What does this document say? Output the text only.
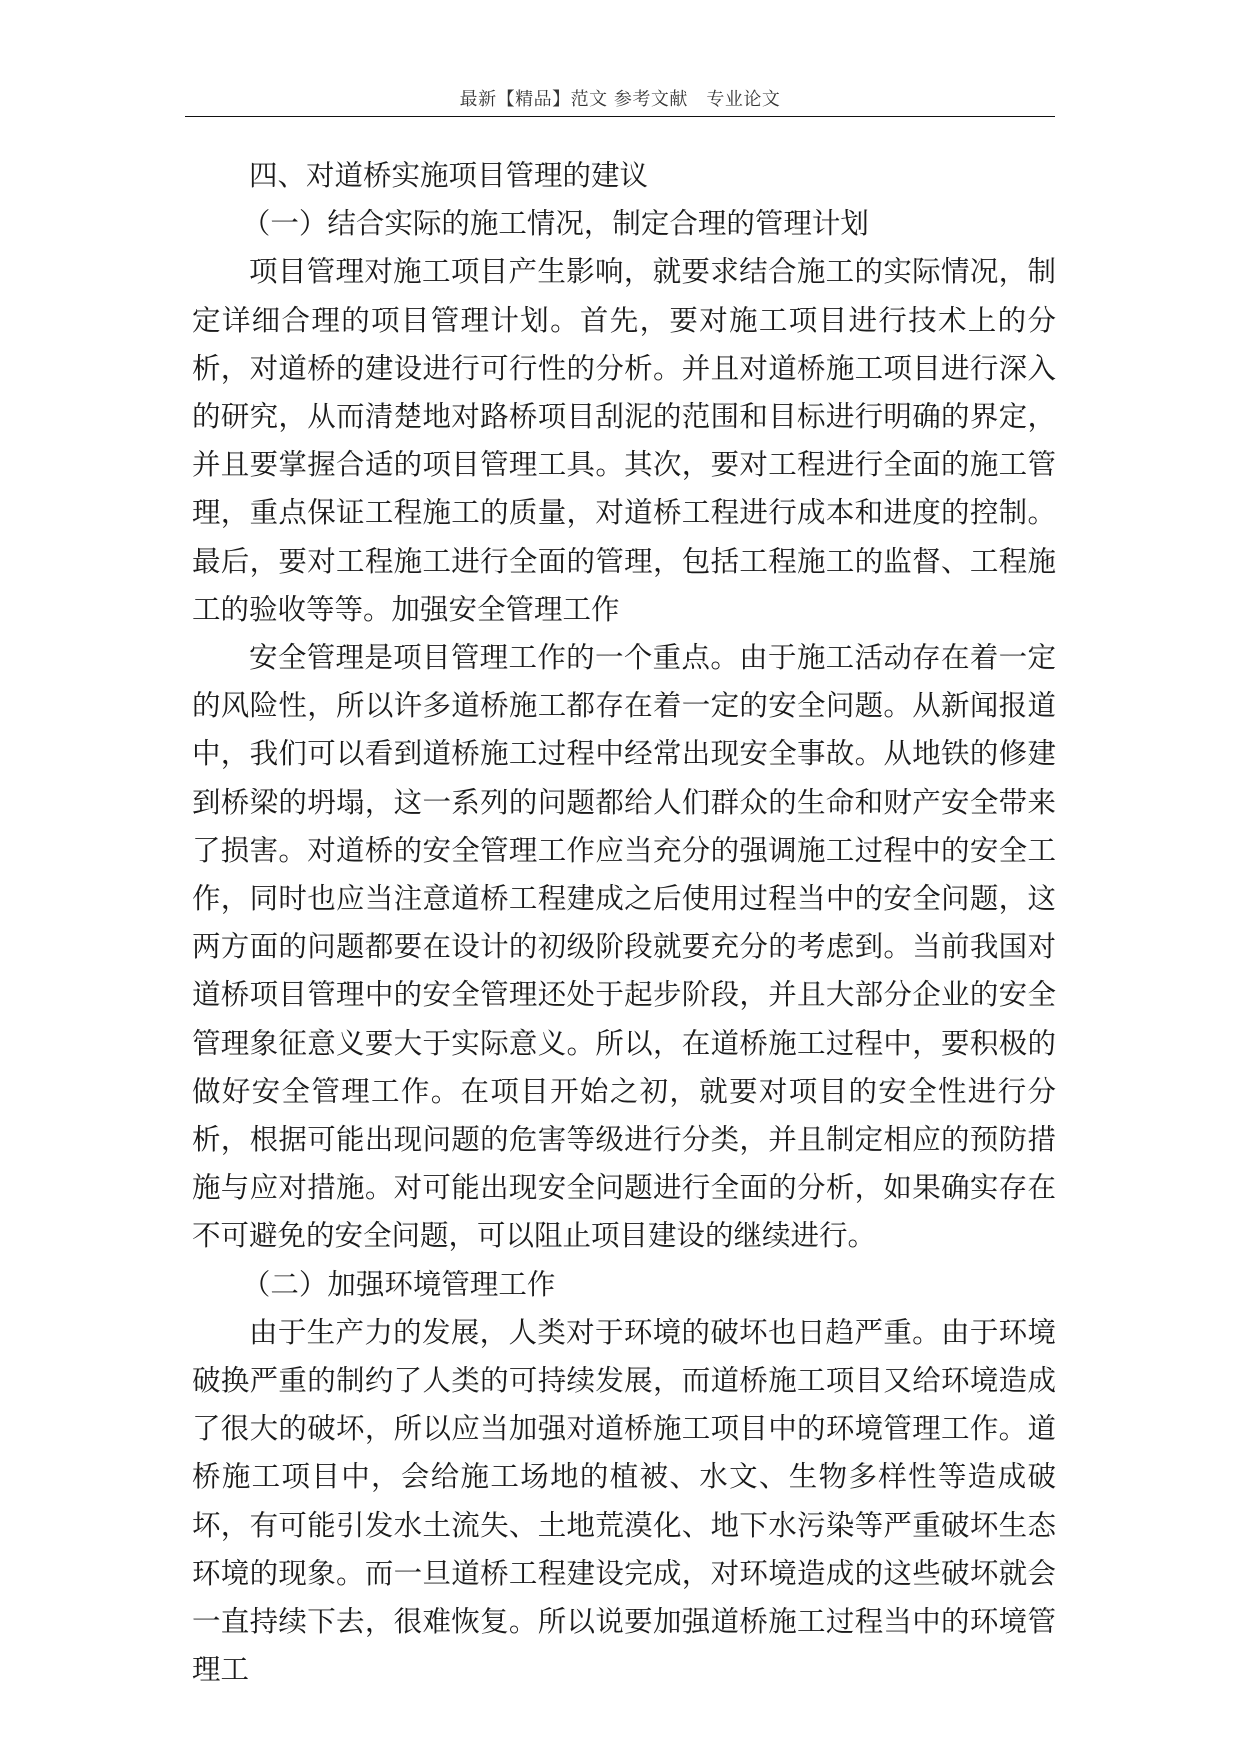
最新【精品】范文 参考文献　专业论文

四、对道桥实施项目管理的建议

（一）结合实际的施工情况，制定合理的管理计划

项目管理对施工项目产生影响，就要求结合施工的实际情况，制定详细合理的项目管理计划。首先，要对施工项目进行技术上的分析，对道桥的建设进行可行性的分析。并且对道桥施工项目进行深入的研究，从而清楚地对路桥项目刮泥的范围和目标进行明确的界定，并且要掌握合适的项目管理工具。其次，要对工程进行全面的施工管理，重点保证工程施工的质量，对道桥工程进行成本和进度的控制。最后，要对工程施工进行全面的管理，包括工程施工的监督、工程施工的验收等等。加强安全管理工作

安全管理是项目管理工作的一个重点。由于施工活动存在着一定的风险性，所以许多道桥施工都存在着一定的安全问题。从新闻报道中，我们可以看到道桥施工过程中经常出现安全事故。从地铁的修建到桥梁的坍塌，这一系列的问题都给人们群众的生命和财产安全带来了损害。对道桥的安全管理工作应当充分的强调施工过程中的安全工作，同时也应当注意道桥工程建成之后使用过程当中的安全问题，这两方面的问题都要在设计的初级阶段就要充分的考虑到。当前我国对道桥项目管理中的安全管理还处于起步阶段，并且大部分企业的安全管理象征意义要大于实际意义。所以，在道桥施工过程中，要积极的做好安全管理工作。在项目开始之初，就要对项目的安全性进行分析，根据可能出现问题的危害等级进行分类，并且制定相应的预防措施与应对措施。对可能出现安全问题进行全面的分析，如果确实存在不可避免的安全问题，可以阻止项目建设的继续进行。

（二）加强环境管理工作

由于生产力的发展，人类对于环境的破坏也日趋严重。由于环境破换严重的制约了人类的可持续发展，而道桥施工项目又给环境造成了很大的破坏，所以应当加强对道桥施工项目中的环境管理工作。道桥施工项目中，会给施工场地的植被、水文、生物多样性等造成破坏，有可能引发水土流失、土地荒漠化、地下水污染等严重破坏生态环境的现象。而一旦道桥工程建设完成，对环境造成的这些破坏就会一直持续下去，很难恢复。所以说要加强道桥施工过程当中的环境管理工
